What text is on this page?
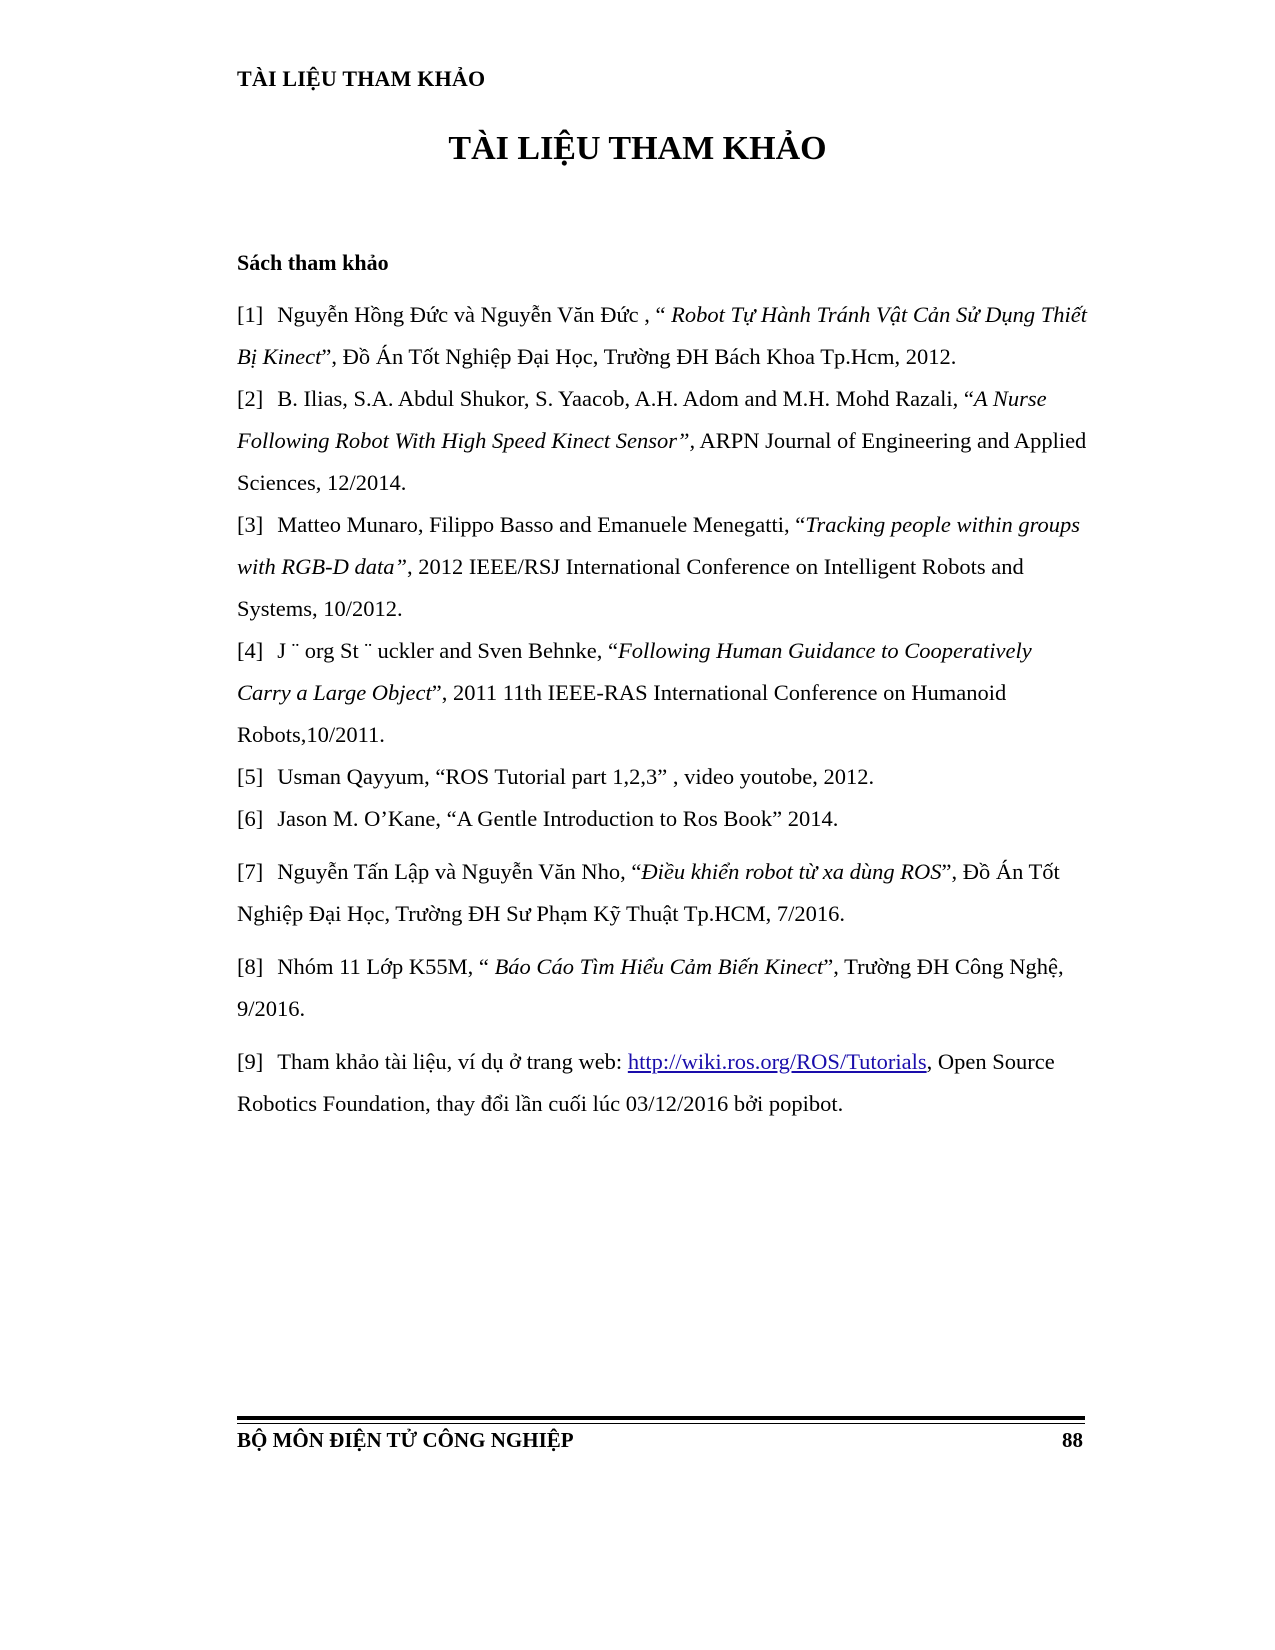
TÀI LIỆU THAM KHẢO
TÀI LIỆU THAM KHẢO
Sách tham khảo

[1] Nguyễn Hồng Đức và Nguyễn Văn Đức , “ Robot Tự Hành Tránh Vật Cản Sử Dụng Thiết Bị Kinect”, Đồ Án Tốt Nghiệp Đại Học, Trường ĐH Bách Khoa Tp.Hcm, 2012.

[2] B. Ilias, S.A. Abdul Shukor, S. Yaacob, A.H. Adom and M.H. Mohd Razali, “A Nurse Following Robot With High Speed Kinect Sensor”, ARPN Journal of Engineering and Applied Sciences, 12/2014.

[3] Matteo Munaro, Filippo Basso and Emanuele Menegatti, “Tracking people within groups with RGB-D data”, 2012 IEEE/RSJ International Conference on Intelligent Robots and Systems, 10/2012.

[4] J ¨ org St ¨ uckler and Sven Behnke, “Following Human Guidance to Cooperatively Carry a Large Object”, 2011 11th IEEE-RAS International Conference on Humanoid Robots,10/2011.

[5] Usman Qayyum, “ROS Tutorial part 1,2,3” , video youtobe, 2012.

[6] Jason M. O’Kane, “A Gentle Introduction to Ros Book” 2014.

[7] Nguyễn Tấn Lập và Nguyễn Văn Nho, “Điều khiển robot từ xa dùng ROS”, Đồ Án Tốt Nghiệp Đại Học, Trường ĐH Sư Phạm Kỹ Thuật Tp.HCM, 7/2016.

[8] Nhóm 11 Lớp K55M, “ Báo Cáo Tìm Hiểu Cảm Biến Kinect”, Trường ĐH Công Nghệ, 9/2016.

[9] Tham khảo tài liệu, ví dụ ở trang web: http://wiki.ros.org/ROS/Tutorials, Open Source Robotics Foundation, thay đổi lần cuối lúc 03/12/2016 bởi popibot.

BỘ MÔN ĐIỆN TỬ CÔNG NGHIỆP	88
